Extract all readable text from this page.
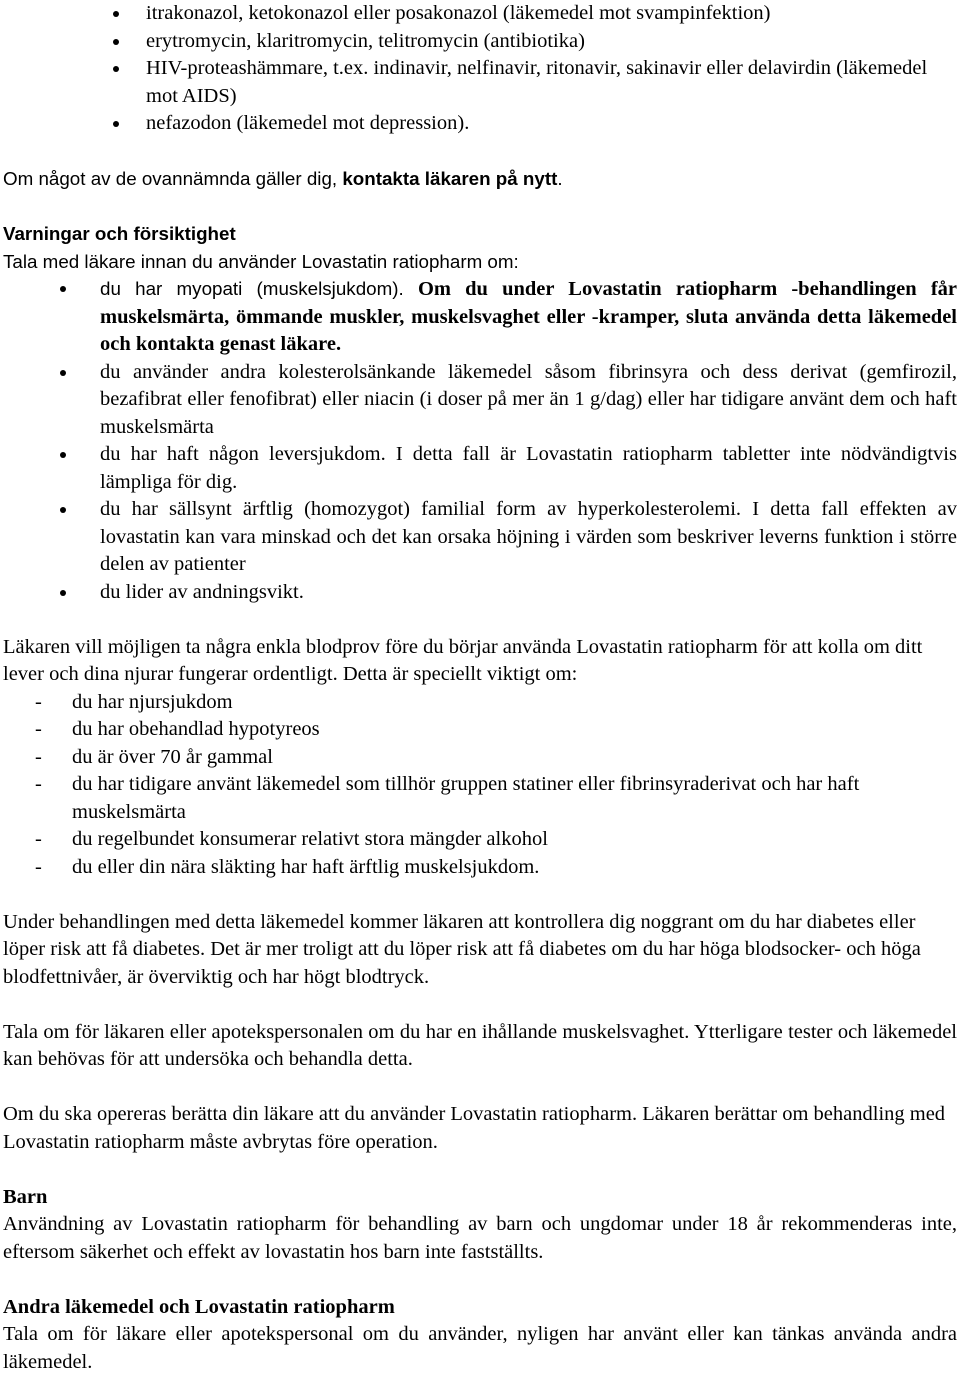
itrakonazol, ketokonazol eller posakonazol (läkemedel mot svampinfektion)
erytromycin, klaritromycin, telitromycin (antibiotika)
HIV-proteashämmare, t.ex. indinavir, nelfinavir, ritonavir, sakinavir eller delavirdin (läkemedel mot AIDS)
nefazodon (läkemedel mot depression).

Om något av de ovannämnda gäller dig, kontakta läkaren på nytt.

Varningar och försiktighet

Tala med läkare innan du använder Lovastatin ratiopharm om:

du har myopati (muskelsjukdom). Om du under Lovastatin ratiopharm -behandlingen får muskelsmärta, ömmande muskler, muskelsvaghet eller -kramper, sluta använda detta läkemedel och kontakta genast läkare.
du använder andra kolesterolsänkande läkemedel såsom fibrinsyra och dess derivat (gemfirozil, bezafibrat eller fenofibrat) eller niacin (i doser på mer än 1 g/dag) eller har tidigare använt dem och haft muskelsmärta
du har haft någon leversjukdom. I detta fall är Lovastatin ratiopharm tabletter inte nödvändigtvis lämpliga för dig.
du har sällsynt ärftlig (homozygot) familial form av hyperkolesterolemi. I detta fall effekten av lovastatin kan vara minskad och det kan orsaka höjning i värden som beskriver leverns funktion i större delen av patienter
du lider av andningsvikt.

Läkaren vill möjligen ta några enkla blodprov före du börjar använda Lovastatin ratiopharm för att kolla om ditt lever och dina njurar fungerar ordentligt. Detta är speciellt viktigt om:

- du har njursjukdom
- du har obehandlad hypotyreos
- du är över 70 år gammal
- du har tidigare använt läkemedel som tillhör gruppen statiner eller fibrinsyraderivat och har haft muskelsmärta
- du regelbundet konsumerar relativt stora mängder alkohol
- du eller din nära släkting har haft ärftlig muskelsjukdom.

Under behandlingen med detta läkemedel kommer läkaren att kontrollera dig noggrant om du har diabetes eller löper risk att få diabetes. Det är mer troligt att du löper risk att få diabetes om du har höga blodsocker- och höga blodfettnivåer, är överviktig och har högt blodtryck.

Tala om för läkaren eller apotekspersonalen om du har en ihållande muskelsvaghet. Ytterligare tester och läkemedel kan behövas för att undersöka och behandla detta.

Om du ska opereras berätta din läkare att du använder Lovastatin ratiopharm. Läkaren berättar om behandling med Lovastatin ratiopharm måste avbrytas före operation.

Barn

Användning av Lovastatin ratiopharm för behandling av barn och ungdomar under 18 år rekommenderas inte, eftersom säkerhet och effekt av lovastatin hos barn inte fastställts.

Andra läkemedel och Lovastatin ratiopharm

Tala om för läkare eller apotekspersonal om du använder, nyligen har använt eller kan tänkas använda andra läkemedel.
